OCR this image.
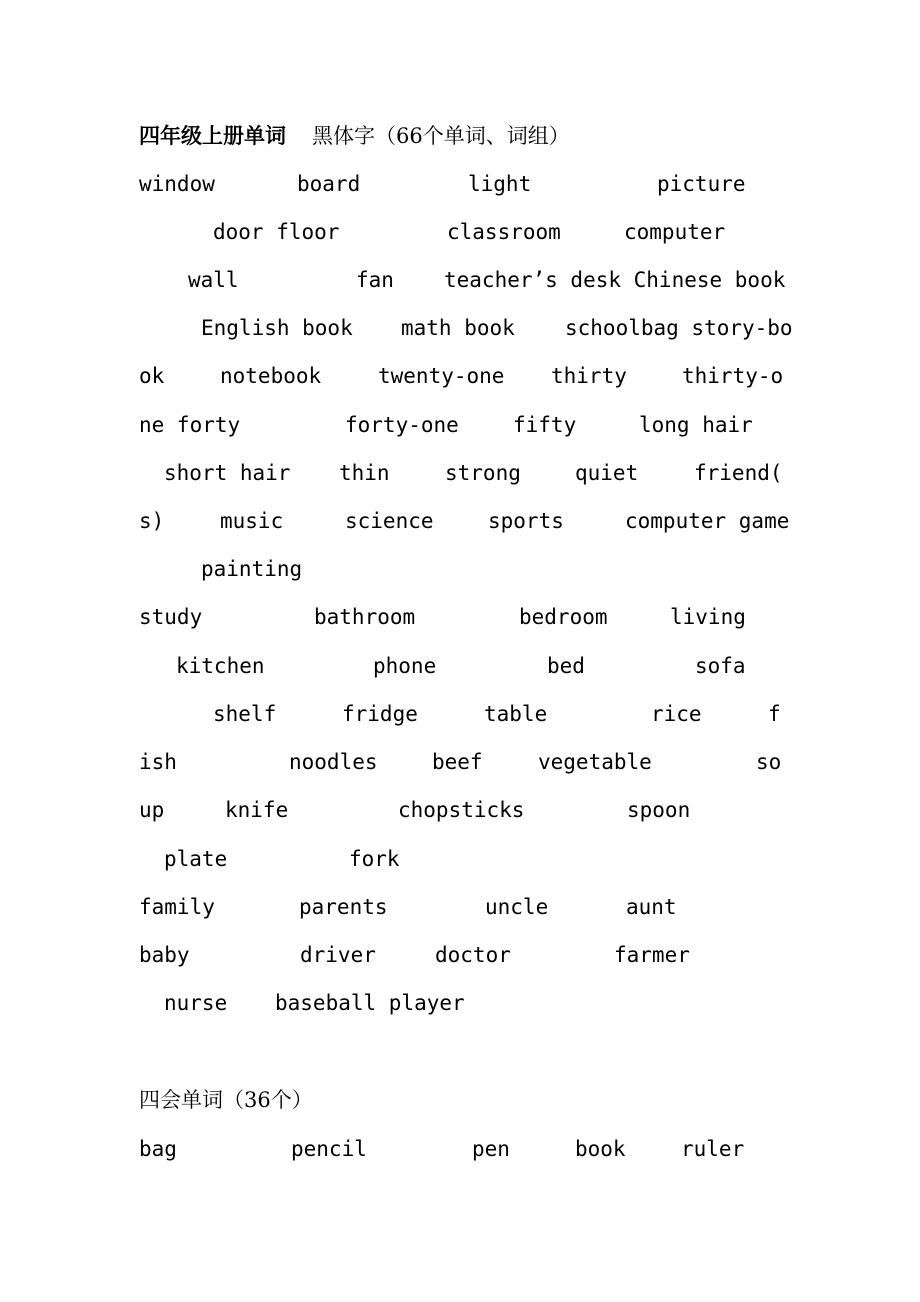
四年级上册单词 黑体字（66个单词、词组）
window	board	light	picture
door floor	classroom	computer
wall	fan teacher’s desk Chinese book
English book math book schoolbag story-bo
ok	notebook	twenty-one thirty	thirty-o
ne forty	forty-one	fifty	long hair
short hair thin	strong	quiet	friend(
s)	music	science	sports	computer game
painting
study	bathroom	bedroom	living
kitchen	phone	bed	sofa
shelf	fridge	table	rice	f
ish	noodles	beef	vegetable	so
up	knife	chopsticks	spoon
plate	fork
family	parents	uncle	aunt
baby	driver	doctor	farmer
nurse baseball player
四会单词（36个）
bag	pencil	pen	book	ruler
